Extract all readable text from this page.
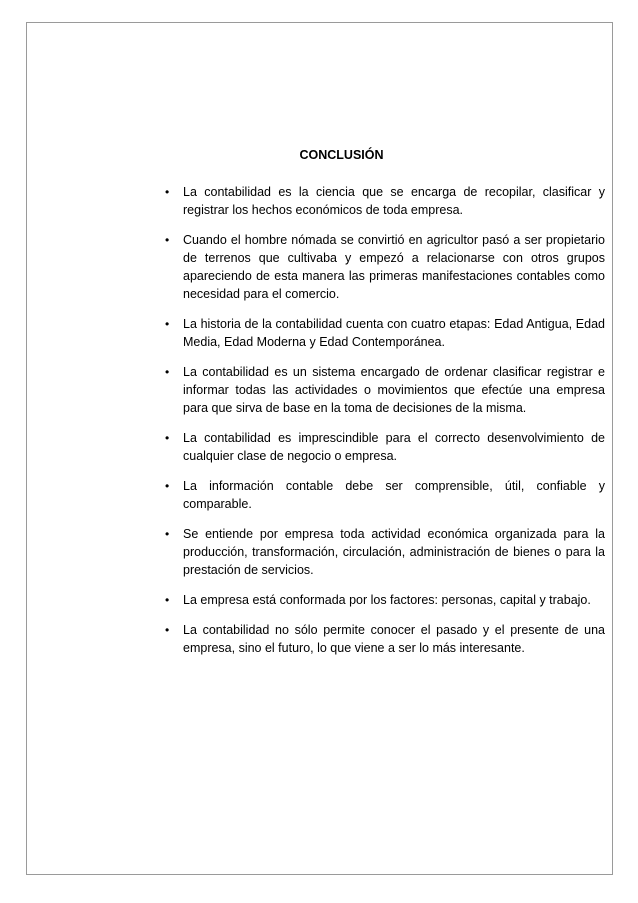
CONCLUSIÓN
• La contabilidad es la ciencia que se encarga de recopilar, clasificar y registrar los hechos económicos de toda empresa.
• Cuando el hombre nómada se convirtió en agricultor pasó a ser propietario de terrenos que cultivaba y empezó a relacionarse con otros grupos apareciendo de esta manera las primeras manifestaciones contables como necesidad para el comercio.
• La historia de la contabilidad cuenta con cuatro etapas: Edad Antigua, Edad Media, Edad Moderna y Edad Contemporánea.
• La contabilidad es un sistema encargado de ordenar clasificar registrar e informar todas las actividades o movimientos que efectúe una empresa para que sirva de base en la toma de decisiones de la misma.
• La contabilidad es imprescindible para el correcto desenvolvimiento de cualquier clase de negocio o empresa.
• La información contable debe ser comprensible, útil, confiable y comparable.
• Se entiende por empresa toda actividad económica organizada para la producción, transformación, circulación, administración de bienes o para la prestación de servicios.
• La empresa está conformada por los factores: personas, capital y trabajo.
• La contabilidad no sólo permite conocer el pasado y el presente de una empresa, sino el futuro, lo que viene a ser lo más interesante.
